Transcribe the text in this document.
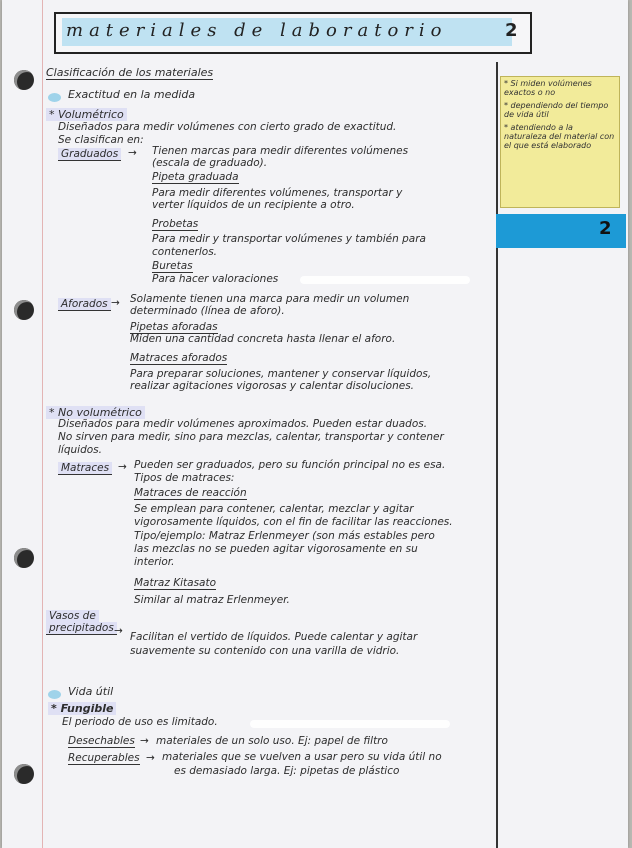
materiales de laboratorio	2
* Si miden volúmenes exactos o no
* dependiendo del tiempo de vida útil
* atendiendo a la naturaleza del material con el que está elaborado
2
Clasificación de los materiales
Exactitud en la medida
* Volumétrico
Diseñados para medir volúmenes con cierto grado de exactitud.
Se clasifican en:
Graduados → Tienen marcas para medir diferentes volúmenes
(escala de graduado).
Pipeta graduada
Para medir diferentes volúmenes, transportar y
verter líquidos de un recipiente a otro.
Probetas
Para medir y transportar volúmenes y también para
contenerlos.
Buretas
Para hacer valoraciones
Aforados → Solamente tienen una marca para medir un volumen
determinado (línea de aforo).
Pipetas aforadas
Miden una cantidad concreta hasta llenar el aforo.
Matraces aforados
Para preparar soluciones, mantener y conservar líquidos,
realizar agitaciones vigorosas y calentar disoluciones.
* No volumétrico
Diseñados para medir volúmenes aproximados. Pueden estar duados.
No sirven para medir, sino para mezclas, calentar, transportar y contener
líquidos.
Matraces → Pueden ser graduados, pero su función principal no es esa.
Tipos de matraces:
Matraces de reacción
Se emplean para contener, calentar, mezclar y agitar
vigorosamente líquidos, con el fin de facilitar las reacciones.
Tipo/ejemplo: Matraz Erlenmeyer (son más estables pero
las mezclas no se pueden agitar vigorosamente en su
interior.
Matraz Kitasato
Similar al matraz Erlenmeyer.
Vasos de
precipitados → Facilitan el vertido de líquidos. Puede calentar y agitar
suavemente su contenido con una varilla de vidrio.
Vida útil
* Fungible
El periodo de uso es limitado.
Desechables → materiales de un solo uso. Ej: papel de filtro
Recuperables → materiales que se vuelven a usar pero su vida útil no
es demasiado larga. Ej: pipetas de plástico
